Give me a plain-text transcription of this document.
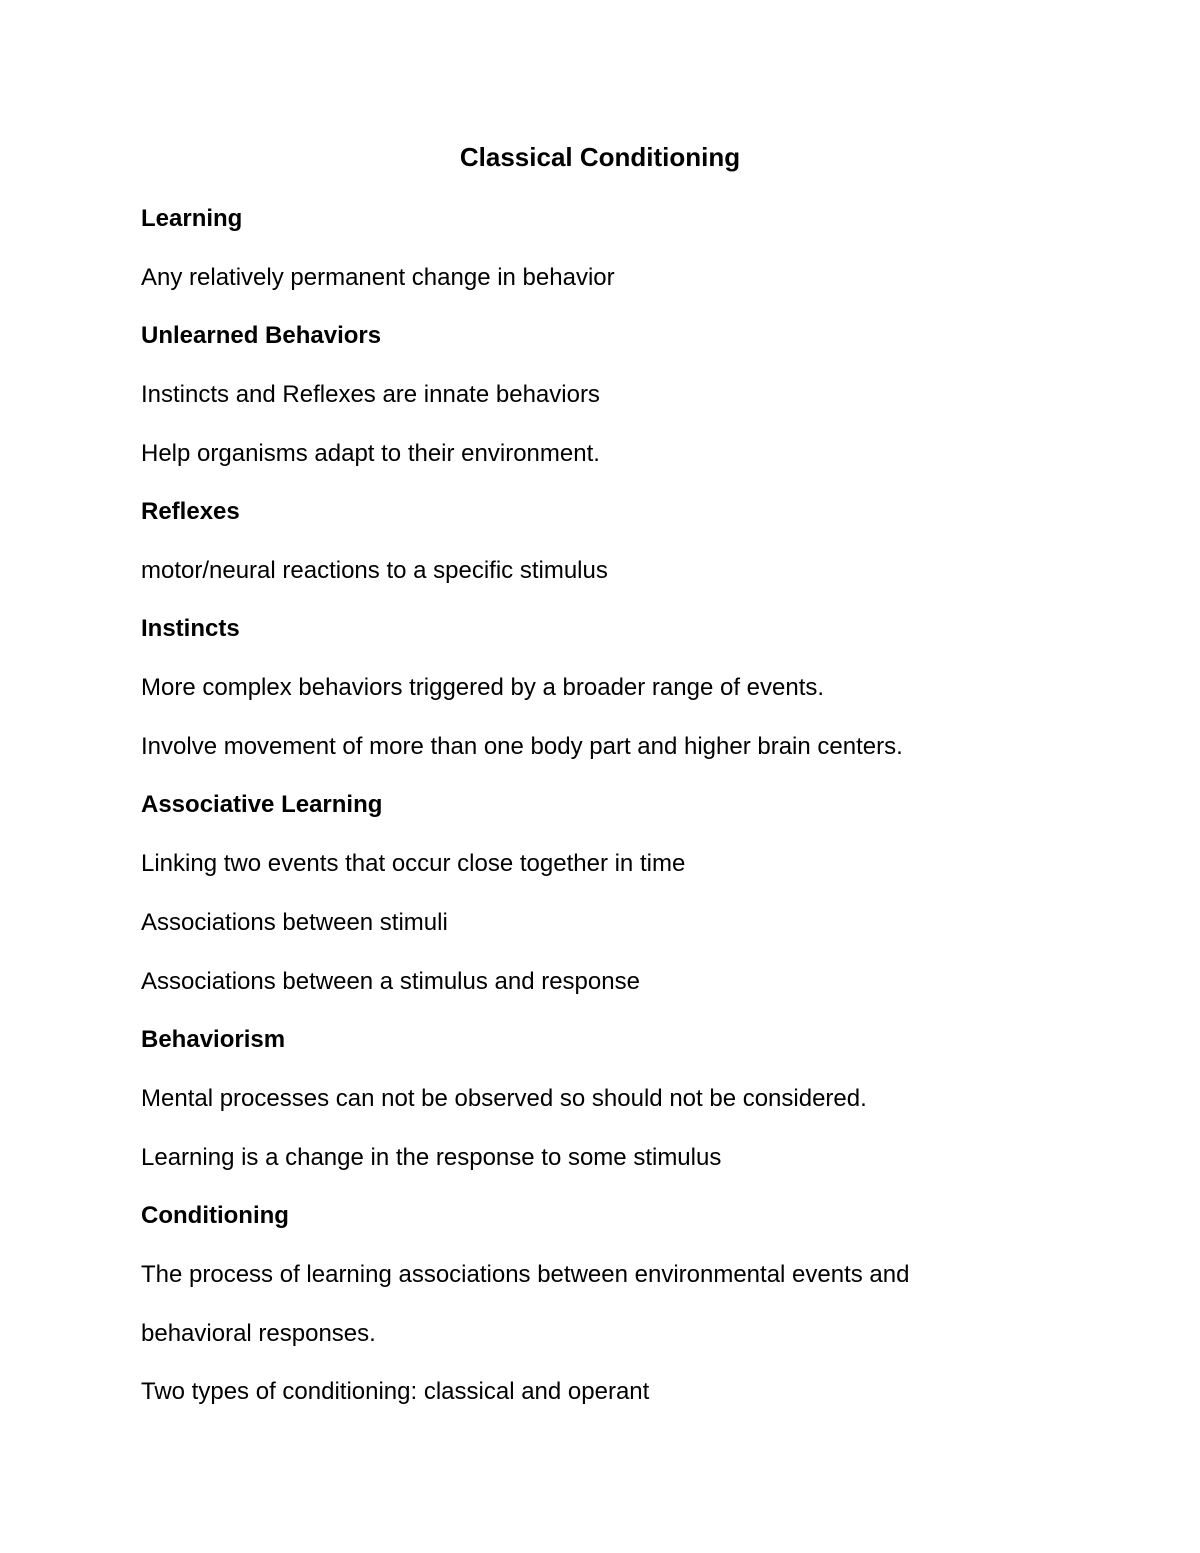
Classical Conditioning
Learning
Any relatively permanent change in behavior
Unlearned Behaviors
Instincts and Reflexes are innate behaviors
Help organisms adapt to their environment.
Reflexes
motor/neural reactions to a specific stimulus
Instincts
More complex behaviors triggered by a broader range of events.
Involve movement of more than one body part and higher brain centers.
Associative Learning
Linking two events that occur close together in time
Associations between stimuli
Associations between a stimulus and response
Behaviorism
Mental processes can not be observed so should not be considered.
Learning is a change in the response to some stimulus
Conditioning
The process of learning associations between environmental events and
behavioral responses.
Two types of conditioning: classical and operant
